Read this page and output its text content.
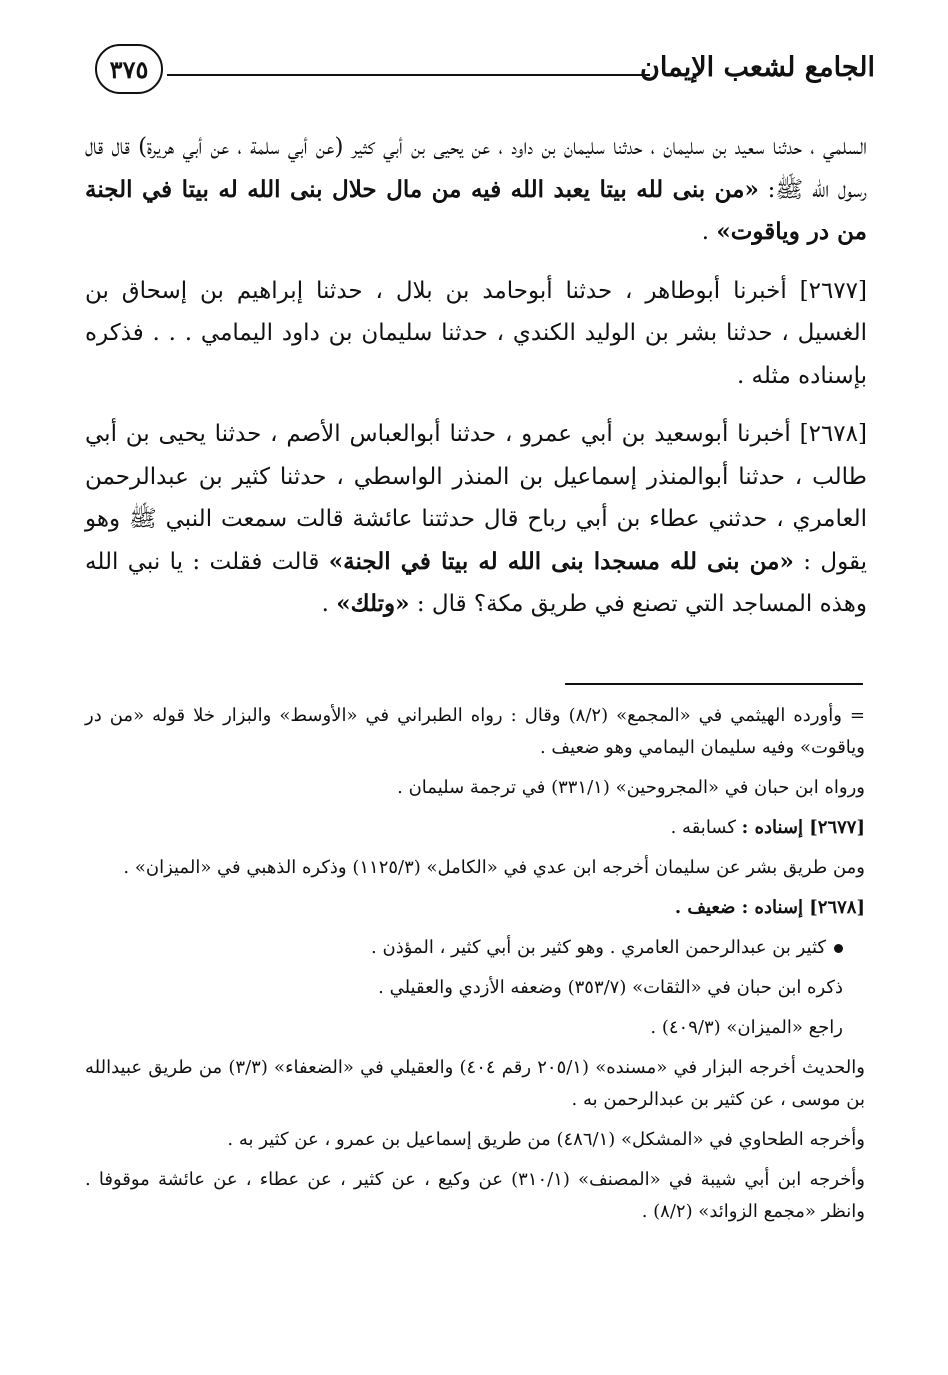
الجامع لشعب الإيمان
٣٧٥

السلمي ، حدثنا سعيد بن سليمان ، حدثنا سليمان بن داود ، عن يحيى بن أبي كثير (عن أبي سلمة ، عن أبي هريرة) قال قال رسول الله ﷺ: «من بنى لله بيتا يعبد الله فيه من مال حلال بنى الله له بيتا في الجنة من در وياقوت» .

[٢٦٧٧] أخبرنا أبوطاهر ، حدثنا أبوحامد بن بلال ، حدثنا إبراهيم بن إسحاق بن الغسيل ، حدثنا بشر بن الوليد الكندي ، حدثنا سليمان بن داود اليمامي . . . فذكره بإسناده مثله .

[٢٦٧٨] أخبرنا أبوسعيد بن أبي عمرو ، حدثنا أبوالعباس الأصم ، حدثنا يحيى بن أبي طالب ، حدثنا أبوالمنذر إسماعيل بن المنذر الواسطي ، حدثنا كثير بن عبدالرحمن العامري ، حدثني عطاء بن أبي رباح قال حدثتنا عائشة قالت سمعت النبي ﷺ وهو يقول : «من بنى لله مسجدا بنى الله له بيتا في الجنة» قالت فقلت : يا نبي الله وهذه المساجد التي تصنع في طريق مكة؟ قال : «وتلك» .

= وأورده الهيثمي في «المجمع» (٨/٢) وقال : رواه الطبراني في «الأوسط» والبزار خلا قوله «من در وياقوت» وفيه سليمان اليمامي وهو ضعيف .

ورواه ابن حبان في «المجروحين» (٣٣١/١) في ترجمة سليمان .

[٢٦٧٧] إسناده : كسابقه .

ومن طريق بشر عن سليمان أخرجه ابن عدي في «الكامل» (١١٢٥/٣) وذكره الذهبي في «الميزان» .

[٢٦٧٨] إسناده : ضعيف .

كثير بن عبدالرحمن العامري . وهو كثير بن أبي كثير ، المؤذن .

ذكره ابن حبان في «الثقات» (٣٥٣/٧) وضعفه الأزدي والعقيلي .

راجع «الميزان» (٤٠٩/٣) .

والحديث أخرجه البزار في «مسنده» (٢٠٥/١ رقم ٤٠٤) والعقيلي في «الضعفاء» (٣/٣) من طريق عبيدالله بن موسى ، عن كثير بن عبدالرحمن به .

وأخرجه الطحاوي في «المشكل» (٤٨٦/١) من طريق إسماعيل بن عمرو ، عن كثير به .

وأخرجه ابن أبي شيبة في «المصنف» (٣١٠/١) عن وكيع ، عن كثير ، عن عطاء ، عن عائشة موقوفا . وانظر «مجمع الزوائد» (٨/٢) .
